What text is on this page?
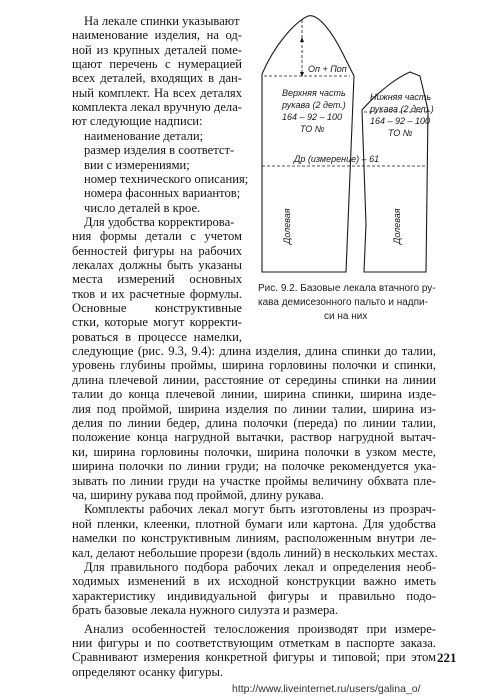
На лекале спинки указывают
наименование изделия, на од-
ной из крупных деталей поме-
щают перечень с нумерацией
всех деталей, входящих в дан-
ный комплект. На всех деталях
комплекта лекал вручную дела-
ют следующие надписи:
наименование детали;
размер изделия в соответст-
вии с измерениями;
номер технического описания;
номера фасонных вариантов;
число деталей в крое.
Для удобства корректирова-
ния формы детали с учетом
бенностей фигуры на рабочих
лекалах должны быть указаны
места измерений основных
тков и их расчетные формулы.
Основные конструктивные
стки, которые могут корректи-
роваться в процессе намелки,
Оп + Поп
Верхняя часть
рукава (2 дет.)
164 – 92 – 100
ТО №
Нижняя часть
рукава (2 дет.)
164 – 92 – 100
ТО №
Др (измерение) – 61
Долевая	Долевая
Рис. 9.2. Базовые лекала втачного ру-
кава демисезонного пальто и надпи-
си на них
следующие (рис. 9.3, 9.4): длина изделия, длина спинки до талии,
уровень глубины проймы, ширина горловины полочки и спинки,
длина плечевой линии, расстояние от середины спинки на линии
талии до конца плечевой линии, ширина спинки, ширина изде-
лия под проймой, ширина изделия по линии талии, ширина из-
делия по линии бедер, длина полочки (переда) по линии талии,
положение конца нагрудной вытачки, раствор нагрудной вытач-
ки, ширина горловины полочки, ширина полочки в узком месте,
ширина полочки по линии груди; на полочке рекомендуется ука-
зывать по линии груди на участке проймы величину обхвата пле-
ча, ширину рукава под проймой, длину рукава.
Комплекты рабочих лекал могут быть изготовлены из прозрач-
ной пленки, клеенки, плотной бумаги или картона. Для удобства
намелки по конструктивным линиям, расположенным внутри ле-
кал, делают небольшие прорези (вдоль линий) в нескольких местах.
Для правильного подбора рабочих лекал и определения необ-
ходимых изменений в их исходной конструкции важно иметь
характеристику индивидуальной фигуры и правильно подо-
брать базовые лекала нужного силуэта и размера.
Анализ особенностей телосложения производят при измере-
нии фигуры и по соответствующим отметкам в паспорте заказа.
Сравнивают измерения конкретной фигуры и типовой; при этом
определяют осанку фигуры.
221
http://www.liveinternet.ru/users/galina_o/
